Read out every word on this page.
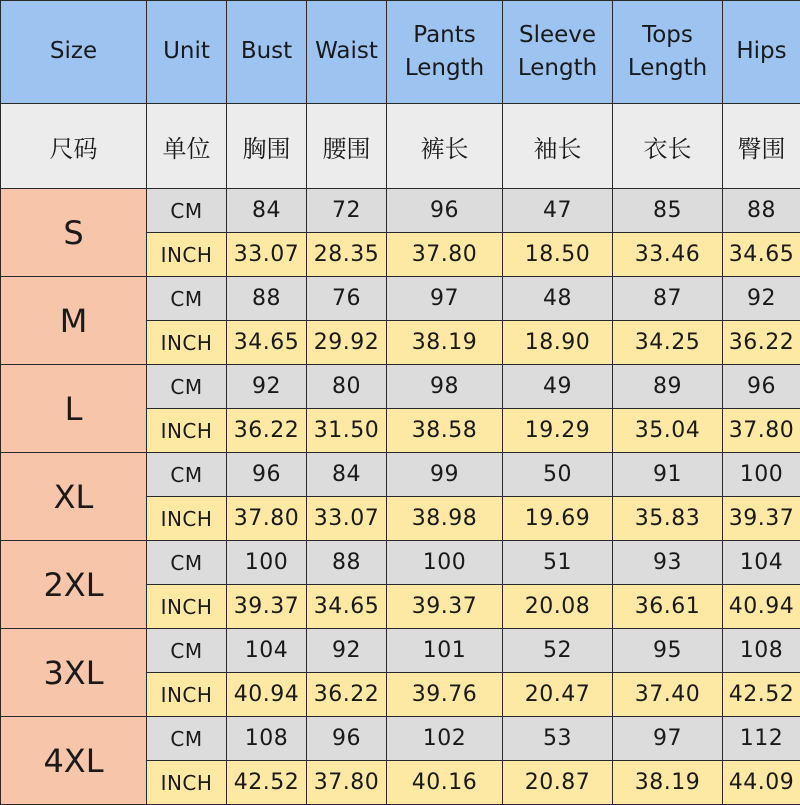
Size	Unit	Bust	Waist	Pants Length	Sleeve Length	Tops Length	Hips
尺码	单位	胸围	腰围	裤长	袖长	衣长	臀围
S	CM	84	72	96	47	85	88
	INCH	33.07	28.35	37.80	18.50	33.46	34.65
M	CM	88	76	97	48	87	92
	INCH	34.65	29.92	38.19	18.90	34.25	36.22
L	CM	92	80	98	49	89	96
	INCH	36.22	31.50	38.58	19.29	35.04	37.80
XL	CM	96	84	99	50	91	100
	INCH	37.80	33.07	38.98	19.69	35.83	39.37
2XL	CM	100	88	100	51	93	104
	INCH	39.37	34.65	39.37	20.08	36.61	40.94
3XL	CM	104	92	101	52	95	108
	INCH	40.94	36.22	39.76	20.47	37.40	42.52
4XL	CM	108	96	102	53	97	112
	INCH	42.52	37.80	40.16	20.87	38.19	44.09
